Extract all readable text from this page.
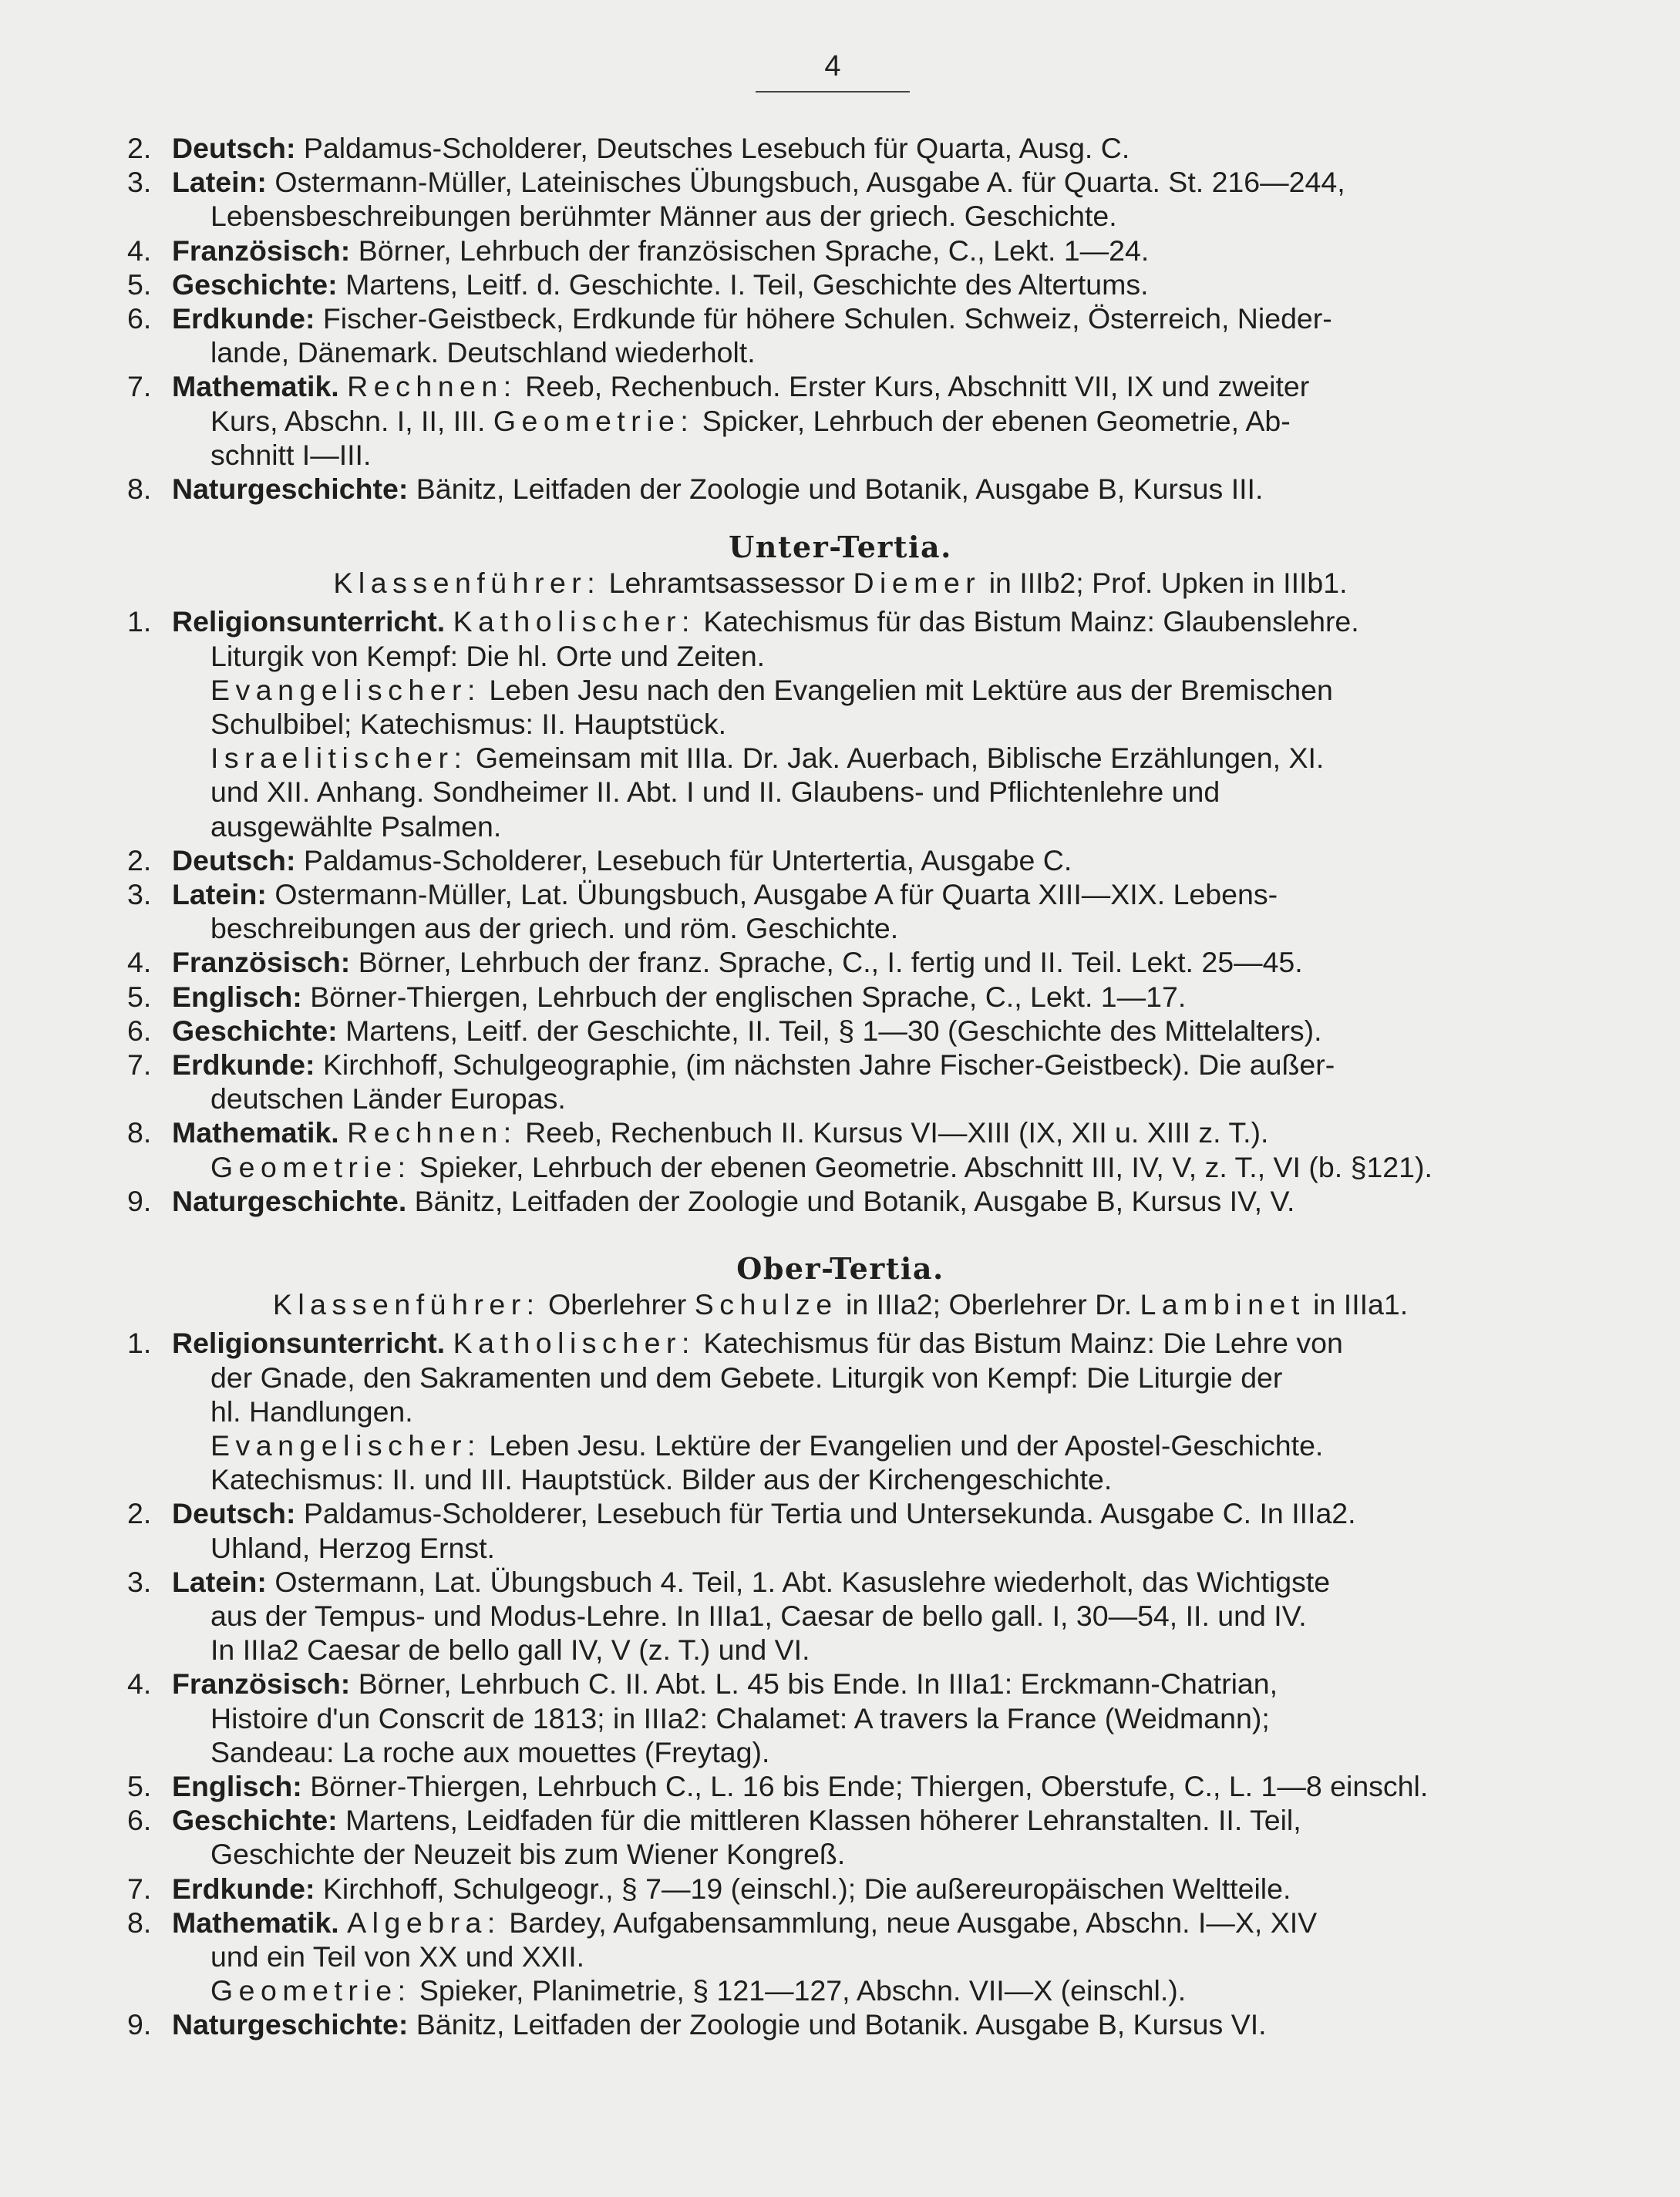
4
2. Deutsch: Paldamus-Scholderer, Deutsches Lesebuch für Quarta, Ausg. C.
3. Latein: Ostermann-Müller, Lateinisches Übungsbuch, Ausgabe A. für Quarta. St. 216—244,
Lebensbeschreibungen berühmter Männer aus der griech. Geschichte.
4. Französisch: Börner, Lehrbuch der französischen Sprache, C., Lekt. 1—24.
5. Geschichte: Martens, Leitf. d. Geschichte. I. Teil, Geschichte des Altertums.
6. Erdkunde: Fischer-Geistbeck, Erdkunde für höhere Schulen. Schweiz, Österreich, Nieder-
lande, Dänemark. Deutschland wiederholt.
7. Mathematik. Rechnen: Reeb, Rechenbuch. Erster Kurs, Abschnitt VII, IX und zweiter
Kurs, Abschn. I, II, III. Geometrie: Spicker, Lehrbuch der ebenen Geometrie, Ab-
schnitt I—III.
8. Naturgeschichte: Bänitz, Leitfaden der Zoologie und Botanik, Ausgabe B, Kursus III.
Unter-Tertia.
Klassenführer: Lehramtsassessor Diemer in IIIb2; Prof. Upken in IIIb1.
1. Religionsunterricht. Katholischer: Katechismus für das Bistum Mainz: Glaubenslehre.
Liturgik von Kempf: Die hl. Orte und Zeiten.
Evangelischer: Leben Jesu nach den Evangelien mit Lektüre aus der Bremischen
Schulbibel; Katechismus: II. Hauptstück.
Israelitischer: Gemeinsam mit IIIa. Dr. Jak. Auerbach, Biblische Erzählungen, XI.
und XII. Anhang. Sondheimer II. Abt. I und II. Glaubens- und Pflichtenlehre und
ausgewählte Psalmen.
2. Deutsch: Paldamus-Scholderer, Lesebuch für Untertertia, Ausgabe C.
3. Latein: Ostermann-Müller, Lat. Übungsbuch, Ausgabe A für Quarta XIII—XIX. Lebens-
beschreibungen aus der griech. und röm. Geschichte.
4. Französisch: Börner, Lehrbuch der franz. Sprache, C., I. fertig und II. Teil. Lekt. 25—45.
5. Englisch: Börner-Thiergen, Lehrbuch der englischen Sprache, C., Lekt. 1—17.
6. Geschichte: Martens, Leitf. der Geschichte, II. Teil, § 1—30 (Geschichte des Mittelalters).
7. Erdkunde: Kirchhoff, Schulgeographie, (im nächsten Jahre Fischer-Geistbeck). Die außer-
deutschen Länder Europas.
8. Mathematik. Rechnen: Reeb, Rechenbuch II. Kursus VI—XIII (IX, XII u. XIII z. T.).
Geometrie: Spieker, Lehrbuch der ebenen Geometrie. Abschnitt III, IV, V, z. T., VI (b. §121).
9. Naturgeschichte. Bänitz, Leitfaden der Zoologie und Botanik, Ausgabe B, Kursus IV, V.
Ober-Tertia.
Klassenführer: Oberlehrer Schulze in IIIa2; Oberlehrer Dr. Lambinet in IIIa1.
1. Religionsunterricht. Katholischer: Katechismus für das Bistum Mainz: Die Lehre von
der Gnade, den Sakramenten und dem Gebete. Liturgik von Kempf: Die Liturgie der
hl. Handlungen.
Evangelischer: Leben Jesu. Lektüre der Evangelien und der Apostel-Geschichte.
Katechismus: II. und III. Hauptstück. Bilder aus der Kirchengeschichte.
2. Deutsch: Paldamus-Scholderer, Lesebuch für Tertia und Untersekunda. Ausgabe C. In IIIa2.
Uhland, Herzog Ernst.
3. Latein: Ostermann, Lat. Übungsbuch 4. Teil, 1. Abt. Kasuslehre wiederholt, das Wichtigste
aus der Tempus- und Modus-Lehre. In IIIa1, Caesar de bello gall. I, 30—54, II. und IV.
In IIIa2 Caesar de bello gall IV, V (z. T.) und VI.
4. Französisch: Börner, Lehrbuch C. II. Abt. L. 45 bis Ende. In IIIa1: Erckmann-Chatrian,
Histoire d'un Conscrit de 1813; in IIIa2: Chalamet: A travers la France (Weidmann);
Sandeau: La roche aux mouettes (Freytag).
5. Englisch: Börner-Thiergen, Lehrbuch C., L. 16 bis Ende; Thiergen, Oberstufe, C., L. 1—8 einschl.
6. Geschichte: Martens, Leidfaden für die mittleren Klassen höherer Lehranstalten. II. Teil,
Geschichte der Neuzeit bis zum Wiener Kongreß.
7. Erdkunde: Kirchhoff, Schulgeogr., § 7—19 (einschl.); Die außereuropäischen Weltteile.
8. Mathematik. Algebra: Bardey, Aufgabensammlung, neue Ausgabe, Abschn. I—X, XIV
und ein Teil von XX und XXII.
Geometrie: Spieker, Planimetrie, § 121—127, Abschn. VII—X (einschl.).
9. Naturgeschichte: Bänitz, Leitfaden der Zoologie und Botanik. Ausgabe B, Kursus VI.
